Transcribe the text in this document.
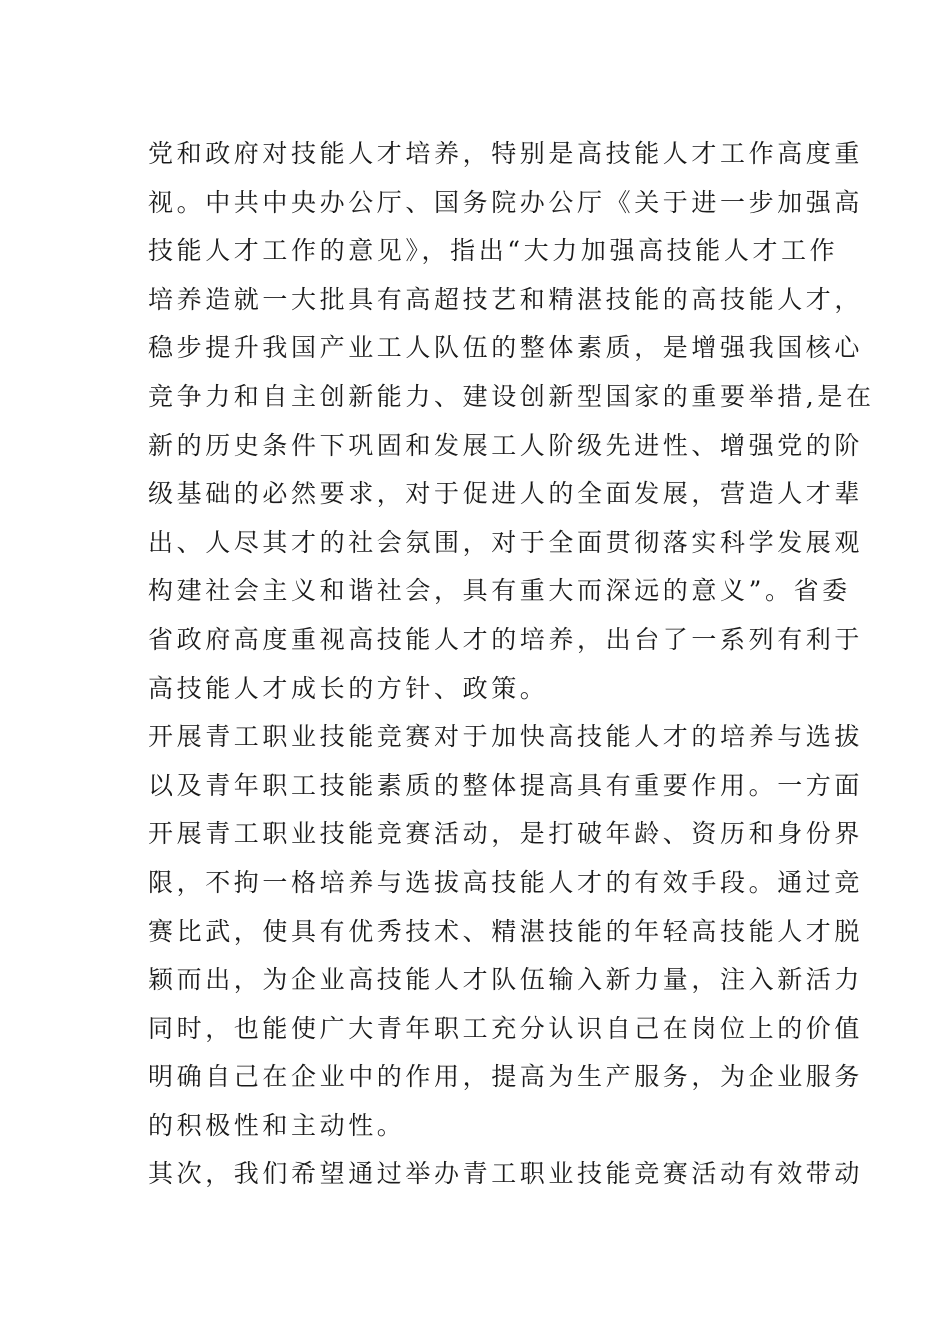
党和政府对技能人才培养，特别是高技能人才工作高度重
视。中共中央办公厅、国务院办公厅《关于进一步加强高
技能人才工作的意见》，指出“大力加强高技能人才工作
培养造就一大批具有高超技艺和精湛技能的高技能人才，
稳步提升我国产业工人队伍的整体素质，是增强我国核心
竞争力和自主创新能力、建设创新型国家的重要举措,是在
新的历史条件下巩固和发展工人阶级先进性、增强党的阶
级基础的必然要求，对于促进人的全面发展，营造人才辈
出、人尽其才的社会氛围，对于全面贯彻落实科学发展观
构建社会主义和谐社会，具有重大而深远的意义”。省委
省政府高度重视高技能人才的培养，出台了一系列有利于
高技能人才成长的方针、政策。
开展青工职业技能竞赛对于加快高技能人才的培养与选拔
以及青年职工技能素质的整体提高具有重要作用。一方面
开展青工职业技能竞赛活动，是打破年龄、资历和身份界
限，不拘一格培养与选拔高技能人才的有效手段。通过竞
赛比武，使具有优秀技术、精湛技能的年轻高技能人才脱
颖而出，为企业高技能人才队伍输入新力量，注入新活力
同时，也能使广大青年职工充分认识自己在岗位上的价值
明确自己在企业中的作用，提高为生产服务，为企业服务
的积极性和主动性。
其次，我们希望通过举办青工职业技能竞赛活动有效带动
